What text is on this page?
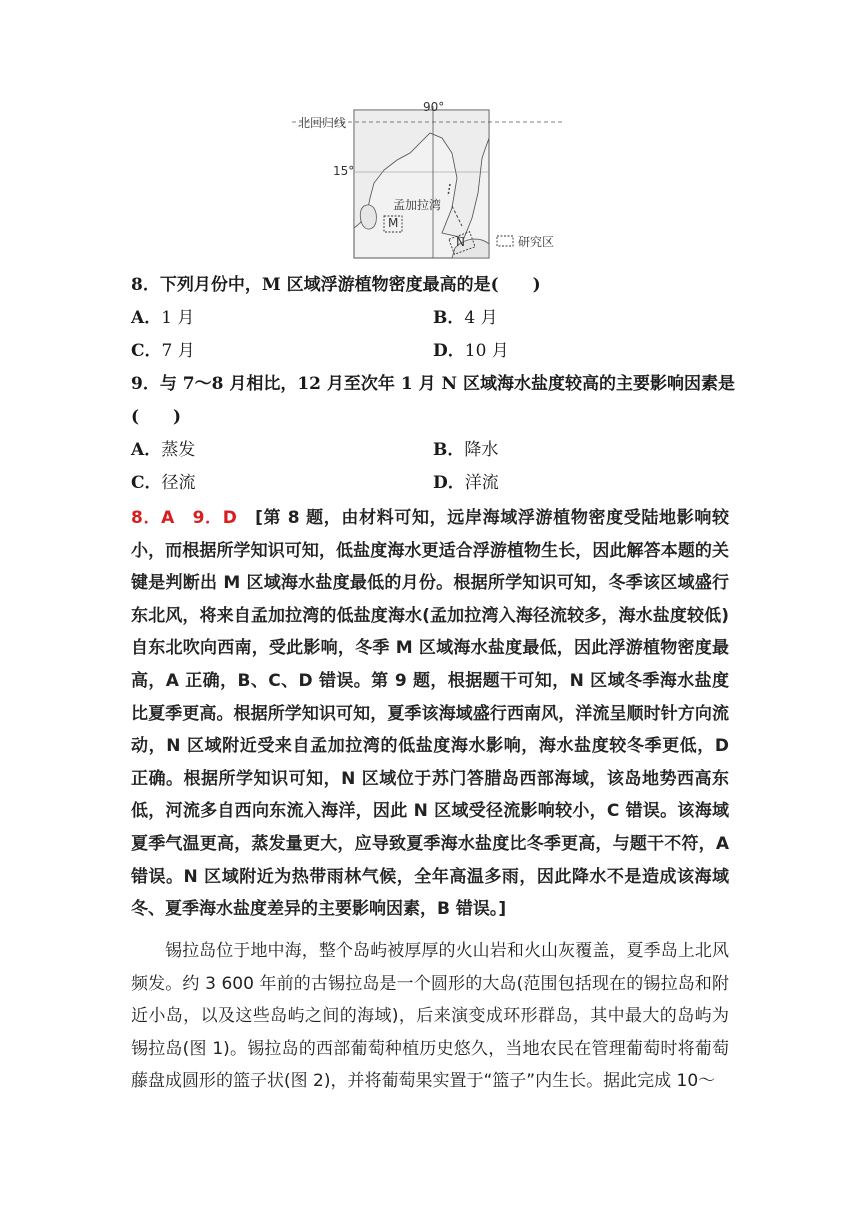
90°
北回归线
15°
孟加拉湾
M
N	研究区
8．下列月份中，M 区域浮游植物密度最高的是(　　)
A．1 月	B．4 月
C．7 月	D．10 月
9．与 7～8 月相比，12 月至次年 1 月 N 区域海水盐度较高的主要影响因素是
(　　)
A．蒸发	B．降水
C．径流	D．洋流
8．A　9．D　 [第 8 题，由材料可知，远岸海域浮游植物密度受陆地影响较小，而根据所学知识可知，低盐度海水更适合浮游植物生长，因此解答本题的关键是判断出 M 区域海水盐度最低的月份。根据所学知识可知，冬季该区域盛行东北风，将来自孟加拉湾的低盐度海水(孟加拉湾入海径流较多，海水盐度较低)自东北吹向西南，受此影响，冬季 M 区域海水盐度最低，因此浮游植物密度最高，A 正确，B、C、D 错误。第 9 题，根据题干可知，N 区域冬季海水盐度比夏季更高。根据所学知识可知，夏季该海域盛行西南风，洋流呈顺时针方向流动，N 区域附近受来自孟加拉湾的低盐度海水影响，海水盐度较冬季更低，D 正确。根据所学知识可知，N 区域位于苏门答腊岛西部海域，该岛地势西高东低，河流多自西向东流入海洋，因此 N 区域受径流影响较小，C 错误。该海域夏季气温更高，蒸发量更大，应导致夏季海水盐度比冬季更高，与题干不符，A 错误。N 区域附近为热带雨林气候，全年高温多雨，因此降水不是造成该海域冬、夏季海水盐度差异的主要影响因素，B 错误。]
锡拉岛位于地中海，整个岛屿被厚厚的火山岩和火山灰覆盖，夏季岛上北风频发。约 3 600 年前的古锡拉岛是一个圆形的大岛(范围包括现在的锡拉岛和附近小岛，以及这些岛屿之间的海域)，后来演变成环形群岛，其中最大的岛屿为锡拉岛(图 1)。锡拉岛的西部葡萄种植历史悠久，当地农民在管理葡萄时将葡萄藤盘成圆形的篮子状(图 2)，并将葡萄果实置于“篮子”内生长。据此完成 10～
